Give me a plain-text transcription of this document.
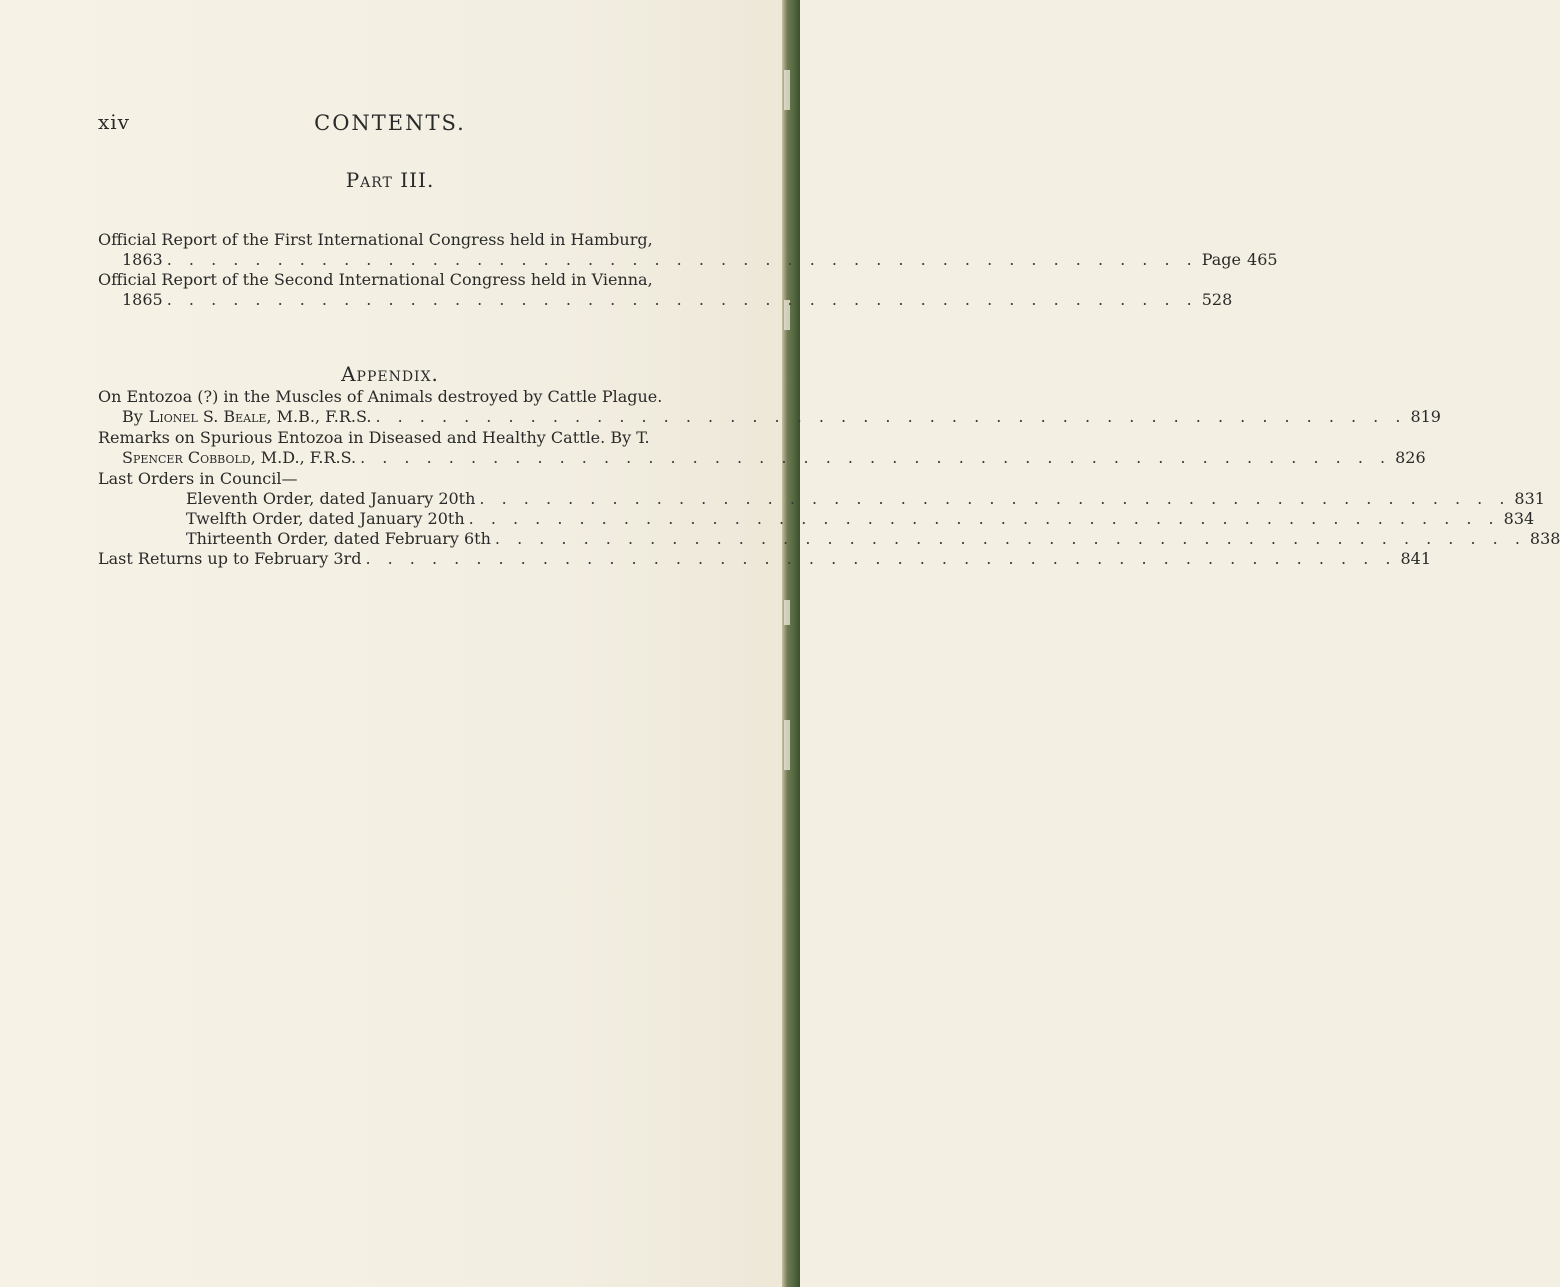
xiv	CONTENTS.
Part III.
Official Report of the First International Congress held in Hamburg,
1863 . . . . . . . . . . . . . . . . . . . . . . . . . . . . . . . . . . . . . . . . . . . . . . . Page 465
Official Report of the Second International Congress held in Vienna,
1865 . . . . . . . . . . . . . . . . . . . . . . . . . . . . . . . . . . . . . . . . . . . . . . . 528
Appendix.
On Entozoa (?) in the Muscles of Animals destroyed by Cattle Plague.
By Lionel S. Beale , M.B., F.R.S. . . . . . . . . . . . . . . . . . . . . . . . . . . . . . . . . . . . . . . . . . . . . . . . 819
Remarks on Spurious Entozoa in Diseased and Healthy Cattle. By T.
Spencer Cobbold , M.D., F.R.S. . . . . . . . . . . . . . . . . . . . . . . . . . . . . . . . . . . . . . . . . . . . . . . . 826
Last Orders in Council—
Eleventh Order, dated January 20th . . . . . . . . . . . . . . . . . . . . . . . . . . . . . . . . . . . . . . . . . . . . . . . 831
Twelfth Order, dated January 20th . . . . . . . . . . . . . . . . . . . . . . . . . . . . . . . . . . . . . . . . . . . . . . . 834
Thirteenth Order, dated February 6th . . . . . . . . . . . . . . . . . . . . . . . . . . . . . . . . . . . . . . . . . . . . . . . 838
Last Returns up to February 3rd . . . . . . . . . . . . . . . . . . . . . . . . . . . . . . . . . . . . . . . . . . . . . . . 841
